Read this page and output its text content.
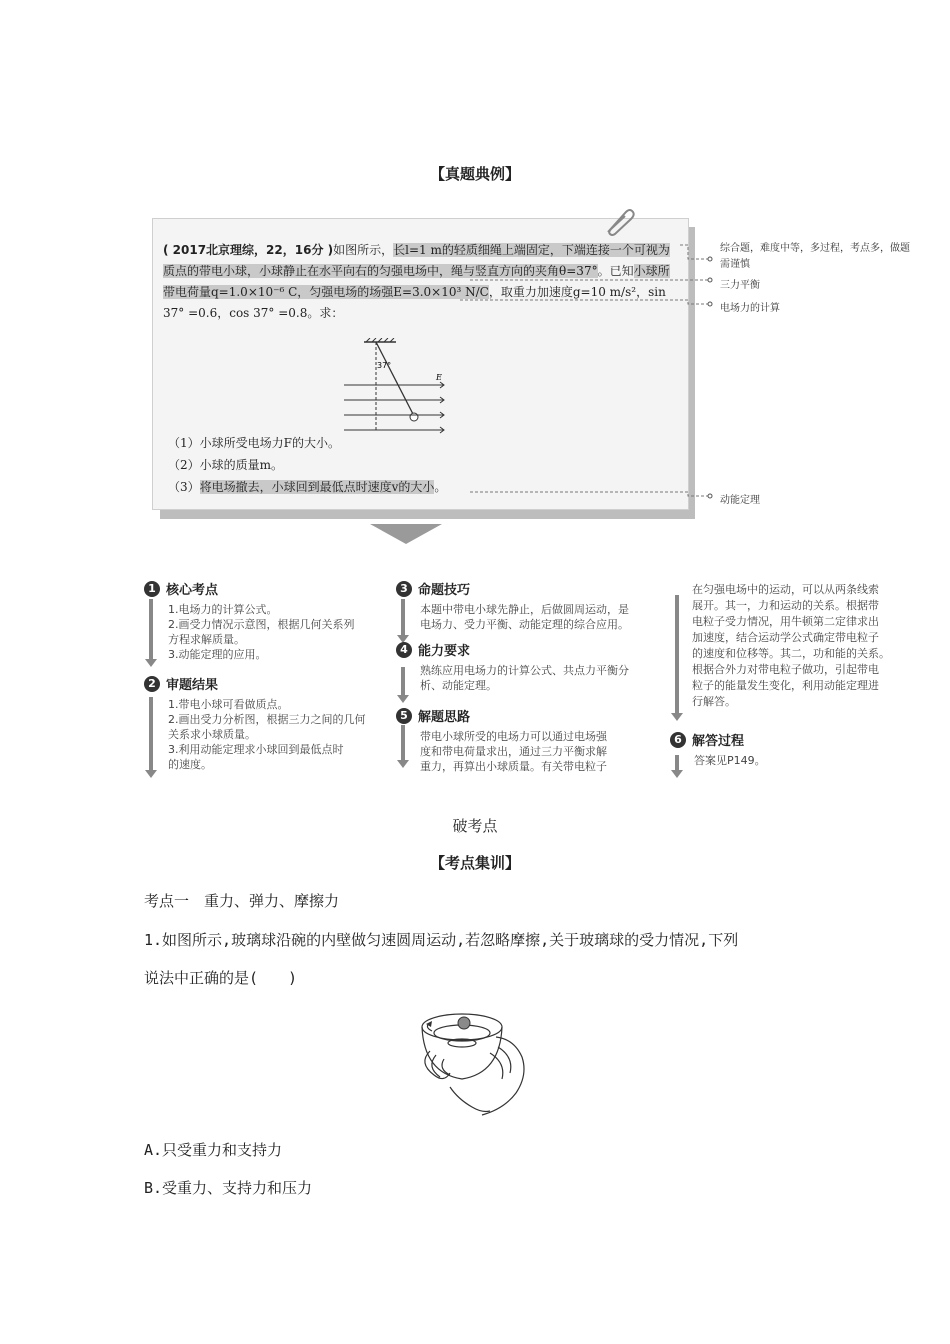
【真题典例】
( 2017北京理综，22，16分 )如图所示，长l=1 m的轻质细绳上端固定，下端连接一个可视为质点的带电小球，小球静止在水平向右的匀强电场中，绳与竖直方向的夹角θ=37°。已知小球所带电荷量q=1.0×10⁻⁶ C，匀强电场的场强E=3.0×10³ N/C，取重力加速度g=10 m/s²，sin 37° =0.6，cos 37° =0.8。求：
37°
E
（1）小球所受电场力F的大小。
（2）小球的质量m。
（3）将电场撤去，小球回到最低点时速度v的大小。
综合题，难度中等，多过程，考点多，做题需谨慎
三力平衡
电场力的计算
动能定理
1 核心考点
1.电场力的计算公式。
2.画受力情况示意图，根据几何关系列
方程求解质量。
3.动能定理的应用。
2 审题结果
1.带电小球可看做质点。
2.画出受力分析图，根据三力之间的几何
关系求小球质量。
3.利用动能定理求小球回到最低点时
的速度。
3 命题技巧
本题中带电小球先静止，后做圆周运动，是
电场力、受力平衡、动能定理的综合应用。
4 能力要求
熟练应用电场力的计算公式、共点力平衡分
析、动能定理。
5 解题思路
带电小球所受的电场力可以通过电场强
度和带电荷量求出，通过三力平衡求解
重力，再算出小球质量。有关带电粒子
在匀强电场中的运动，可以从两条线索
展开。其一，力和运动的关系。根据带
电粒子受力情况，用牛顿第二定律求出
加速度，结合运动学公式确定带电粒子
的速度和位移等。其二，功和能的关系。
根据合外力对带电粒子做功，引起带电
粒子的能量发生变化，利用动能定理进
行解答。
6 解答过程
答案见P149。
破考点
【考点集训】
考点一　重力、弹力、摩擦力
1.如图所示,玻璃球沿碗的内壁做匀速圆周运动,若忽略摩擦,关于玻璃球的受力情况,下列
说法中正确的是(　　)
A.只受重力和支持力
B.受重力、支持力和压力
